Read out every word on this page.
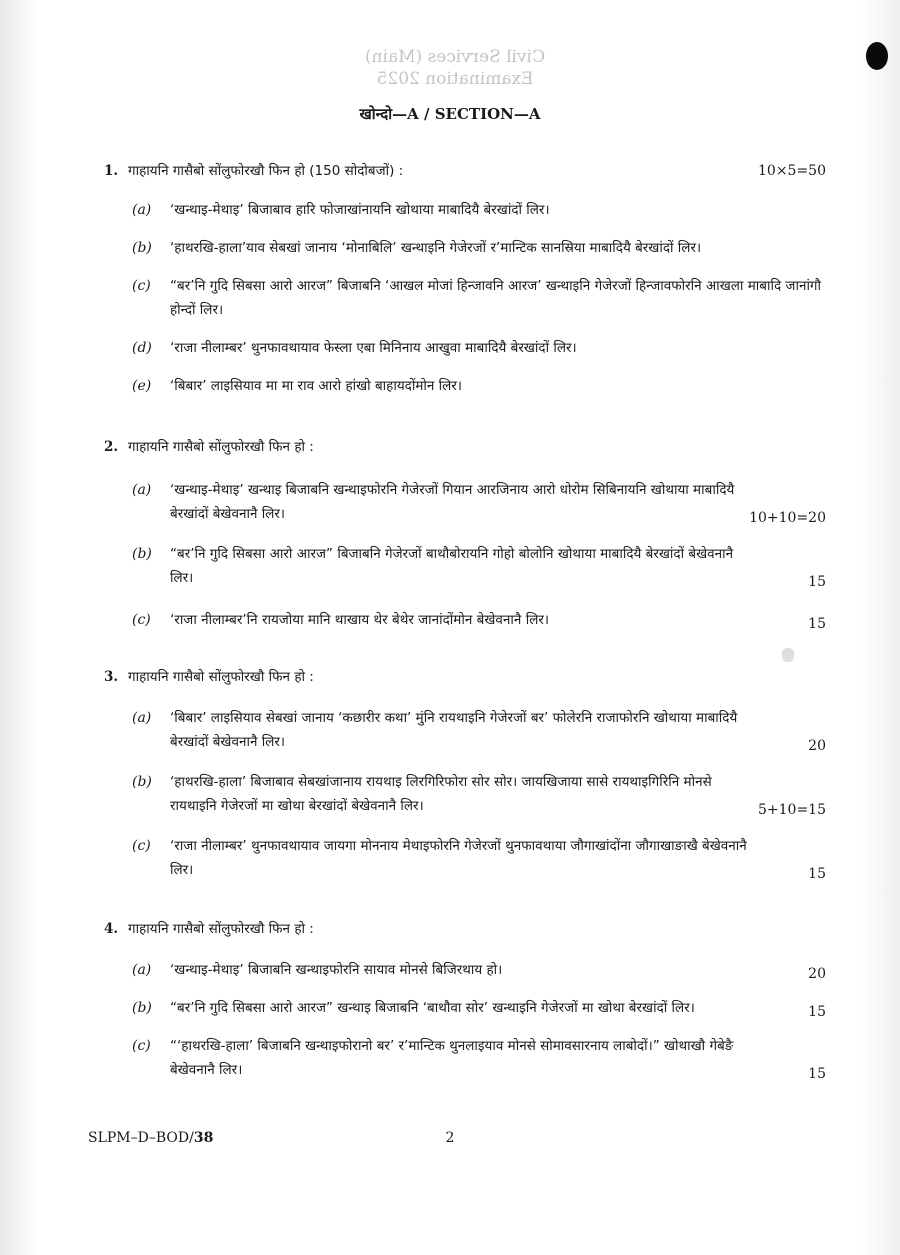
Civil Services (Main)
Examination 2025
खोन्दो—A / SECTION—A
1. गाहायनि गासैबो सोंलुफोरखौ फिन हो (150 सोदोबजों) :	10×5=50
(a) ‘खन्थाइ-मेथाइ’ बिजाबाव हारि फोजाखांनायनि खोथाया माबादियै बेरखांदों लिर।
(b) ‘हाथरखि-हाला’याव सेबखां जानाय ‘मोनाबिलि’ खन्थाइनि गेजेरजों र’मान्टिक सानस्रिया माबादियै बेरखांदों लिर।
(c) “बर’नि गुदि सिबसा आरो आरज” बिजाबनि ‘आखल मोजां हिन्जावनि आरज’ खन्थाइनि गेजेरजों हिन्जावफोरनि आखला माबादि जानांगौ होन्दों लिर।
(d) ‘राजा नीलाम्बर’ थुनफावथायाव फेस्ला एबा मिनिनाय आखुवा माबादियै बेरखांदों लिर।
(e) ‘बिबार’ लाइसियाव मा मा राव आरो हांखो बाहायदोंमोन लिर।
2. गाहायनि गासैबो सोंलुफोरखौ फिन हो :
(a) ‘खन्थाइ-मेथाइ’ खन्थाइ बिजाबनि खन्थाइफोरनि गेजेरजों गियान आरजिनाय आरो धोरोम सिबिनायनि खोथाया माबादियै बेरखांदों बेखेवनानै लिर।	10+10=20
(b) “बर’नि गुदि सिबसा आरो आरज” बिजाबनि गेजेरजों बाथौबोरायनि गोहो बोलोनि खोथाया माबादियै बेरखांदों बेखेवनानै लिर।	15
(c) ‘राजा नीलाम्बर’नि रायजोया मानि थाखाय थेर बेथेर जानांदोंमोन बेखेवनानै लिर।	15
3. गाहायनि गासैबो सोंलुफोरखौ फिन हो :
(a) ‘बिबार’ लाइसियाव सेबखां जानाय ‘कछारीर कथा’ मुंनि रायथाइनि गेजेरजों बर’ फोलेरनि राजाफोरनि खोथाया माबादियै बेरखांदों बेखेवनानै लिर।	20
(b) ‘हाथरखि-हाला’ बिजाबाव सेबखांजानाय रायथाइ लिरगिरिफोरा सोर सोर। जायखिजाया सासे रायथाइगिरिनि मोनसे रायथाइनि गेजेरजों मा खोथा बेरखांदों बेखेवनानै लिर।	5+10=15
(c) ‘राजा नीलाम्बर’ थुनफावथायाव जायगा मोननाय मेथाइफोरनि गेजेरजों थुनफावथाया जौगाखांदोंना जौगाखाङाखै बेखेवनानै लिर।	15
4. गाहायनि गासैबो सोंलुफोरखौ फिन हो :
(a) ‘खन्थाइ-मेथाइ’ बिजाबनि खन्थाइफोरनि सायाव मोनसे बिजिरथाय हो।	20
(b) “बर’नि गुदि सिबसा आरो आरज” खन्थाइ बिजाबनि ‘बाथौवा सोर’ खन्थाइनि गेजेरजों मा खोथा बेरखांदों लिर।	15
(c) “‘हाथरखि-हाला’ बिजाबनि खन्थाइफोरानो बर’ र’मान्टिक थुनलाइयाव मोनसे सोमावसारनाय लाबोदों।” खोथाखौ गेबेङै बेखेवनानै लिर।	15
SLPM–D–BOD/38	2
